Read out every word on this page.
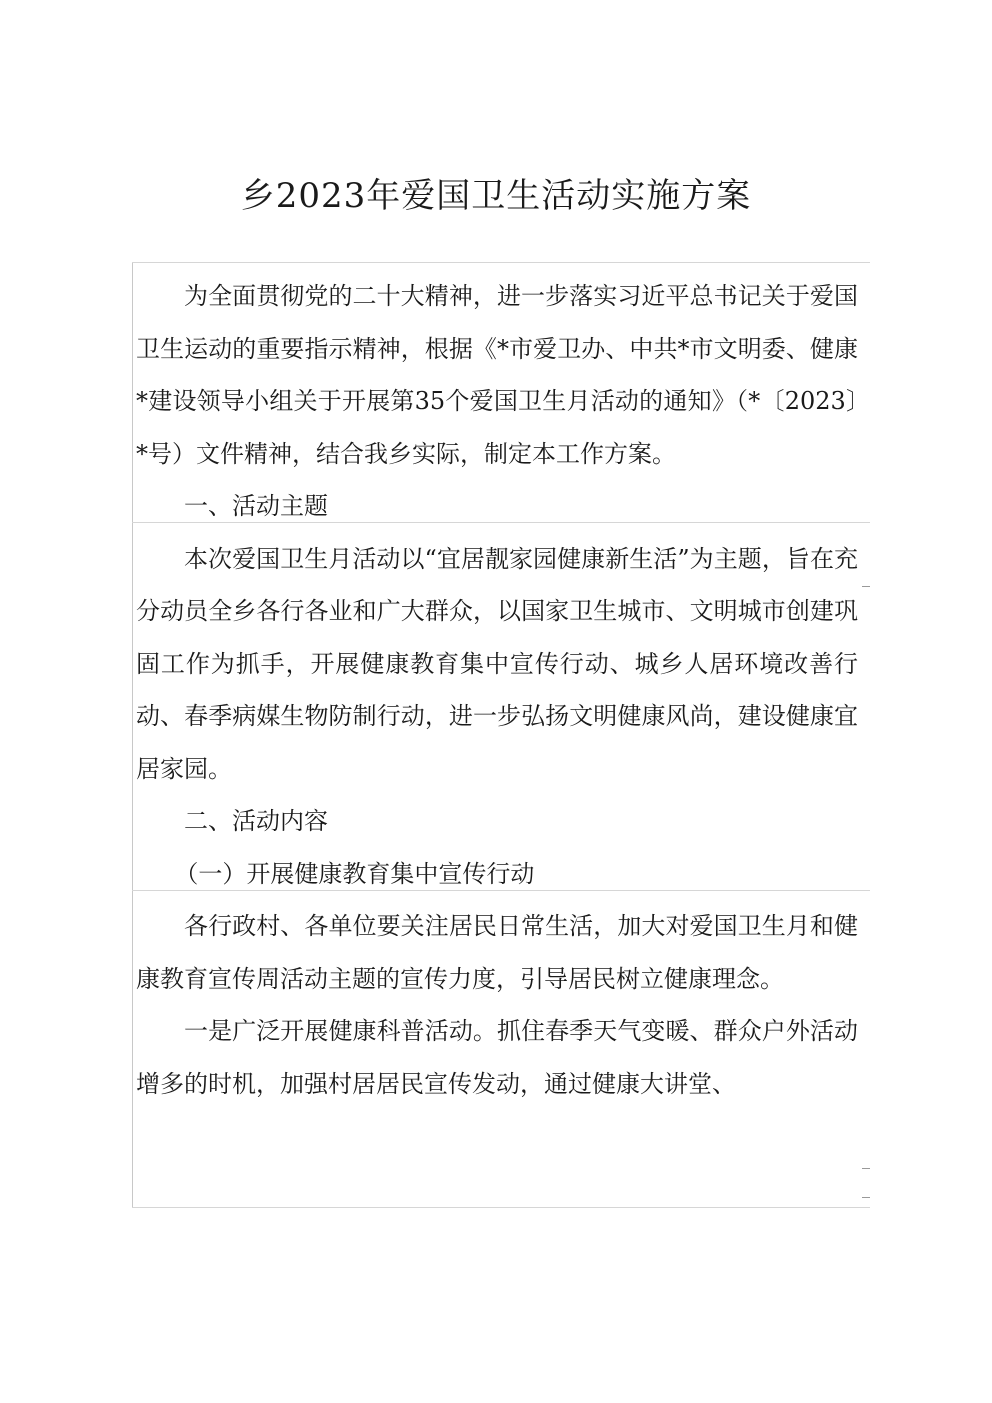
乡2023年爱国卫生活动实施方案

为全面贯彻党的二十大精神，进一步落实习近平总书记关于爱国卫生运动的重要指示精神，根据《*市爱卫办、中共*市文明委、健康*建设领导小组关于开展第35个爱国卫生月活动的通知》（*〔2023〕*号）文件精神，结合我乡实际，制定本工作方案。

一、活动主题

本次爱国卫生月活动以“宜居靓家园健康新生活”为主题，旨在充分动员全乡各行各业和广大群众，以国家卫生城市、文明城市创建巩固工作为抓手，开展健康教育集中宣传行动、城乡人居环境改善行动、春季病媒生物防制行动，进一步弘扬文明健康风尚，建设健康宜居家园。

二、活动内容

（一）开展健康教育集中宣传行动

各行政村、各单位要关注居民日常生活，加大对爱国卫生月和健康教育宣传周活动主题的宣传力度，引导居民树立健康理念。

一是广泛开展健康科普活动。抓住春季天气变暖、群众户外活动增多的时机，加强村居居民宣传发动，通过健康大讲堂、
